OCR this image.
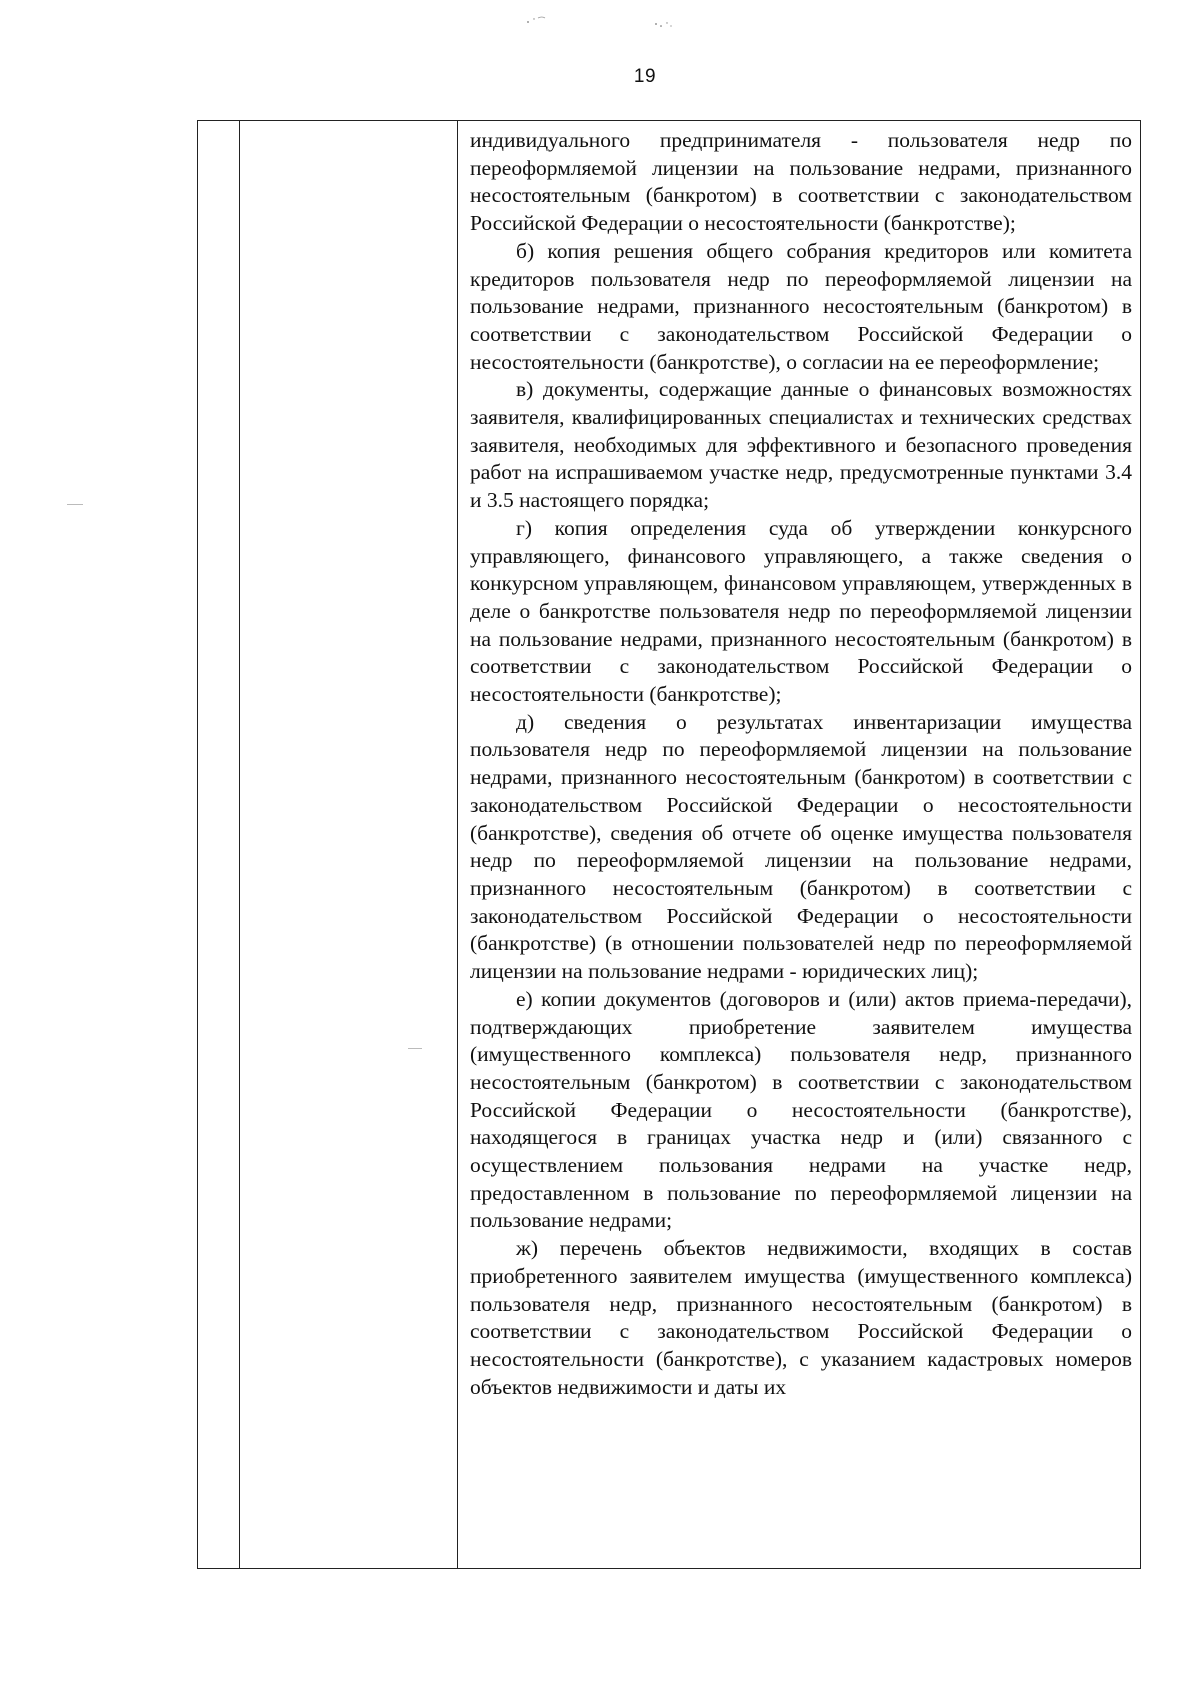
19

индивидуального предпринимателя - пользователя недр по переоформляемой лицензии на пользование недрами, признанного несостоятельным (банкротом) в соответствии с законодательством Российской Федерации о несостоятельности (банкротстве);

б) копия решения общего собрания кредиторов или комитета кредиторов пользователя недр по переоформляемой лицензии на пользование недрами, признанного несостоятельным (банкротом) в соответствии с законодательством Российской Федерации о несостоятельности (банкротстве), о согласии на ее переоформление;

в) документы, содержащие данные о финансовых возможностях заявителя, квалифицированных специалистах и технических средствах заявителя, необходимых для эффективного и безопасного проведения работ на испрашиваемом участке недр, предусмотренные пунктами 3.4 и 3.5 настоящего порядка;

г) копия определения суда об утверждении конкурсного управляющего, финансового управляющего, а также сведения о конкурсном управляющем, финансовом управляющем, утвержденных в деле о банкротстве пользователя недр по переоформляемой лицензии на пользование недрами, признанного несостоятельным (банкротом) в соответствии с законодательством Российской Федерации о несостоятельности (банкротстве);

д) сведения о результатах инвентаризации имущества пользователя недр по переоформляемой лицензии на пользование недрами, признанного несостоятельным (банкротом) в соответствии с законодательством Российской Федерации о несостоятельности (банкротстве), сведения об отчете об оценке имущества пользователя недр по переоформляемой лицензии на пользование недрами, признанного несостоятельным (банкротом) в соответствии с законодательством Российской Федерации о несостоятельности (банкротстве) (в отношении пользователей недр по переоформляемой лицензии на пользование недрами - юридических лиц);

е) копии документов (договоров и (или) актов приема-передачи), подтверждающих приобретение заявителем имущества (имущественного комплекса) пользователя недр, признанного несостоятельным (банкротом) в соответствии с законодательством Российской Федерации о несостоятельности (банкротстве), находящегося в границах участка недр и (или) связанного с осуществлением пользования недрами на участке недр, предоставленном в пользование по переоформляемой лицензии на пользование недрами;

ж) перечень объектов недвижимости, входящих в состав приобретенного заявителем имущества (имущественного комплекса) пользователя недр, признанного несостоятельным (банкротом) в соответствии с законодательством Российской Федерации о несостоятельности (банкротстве), с указанием кадастровых номеров объектов недвижимости и даты их
